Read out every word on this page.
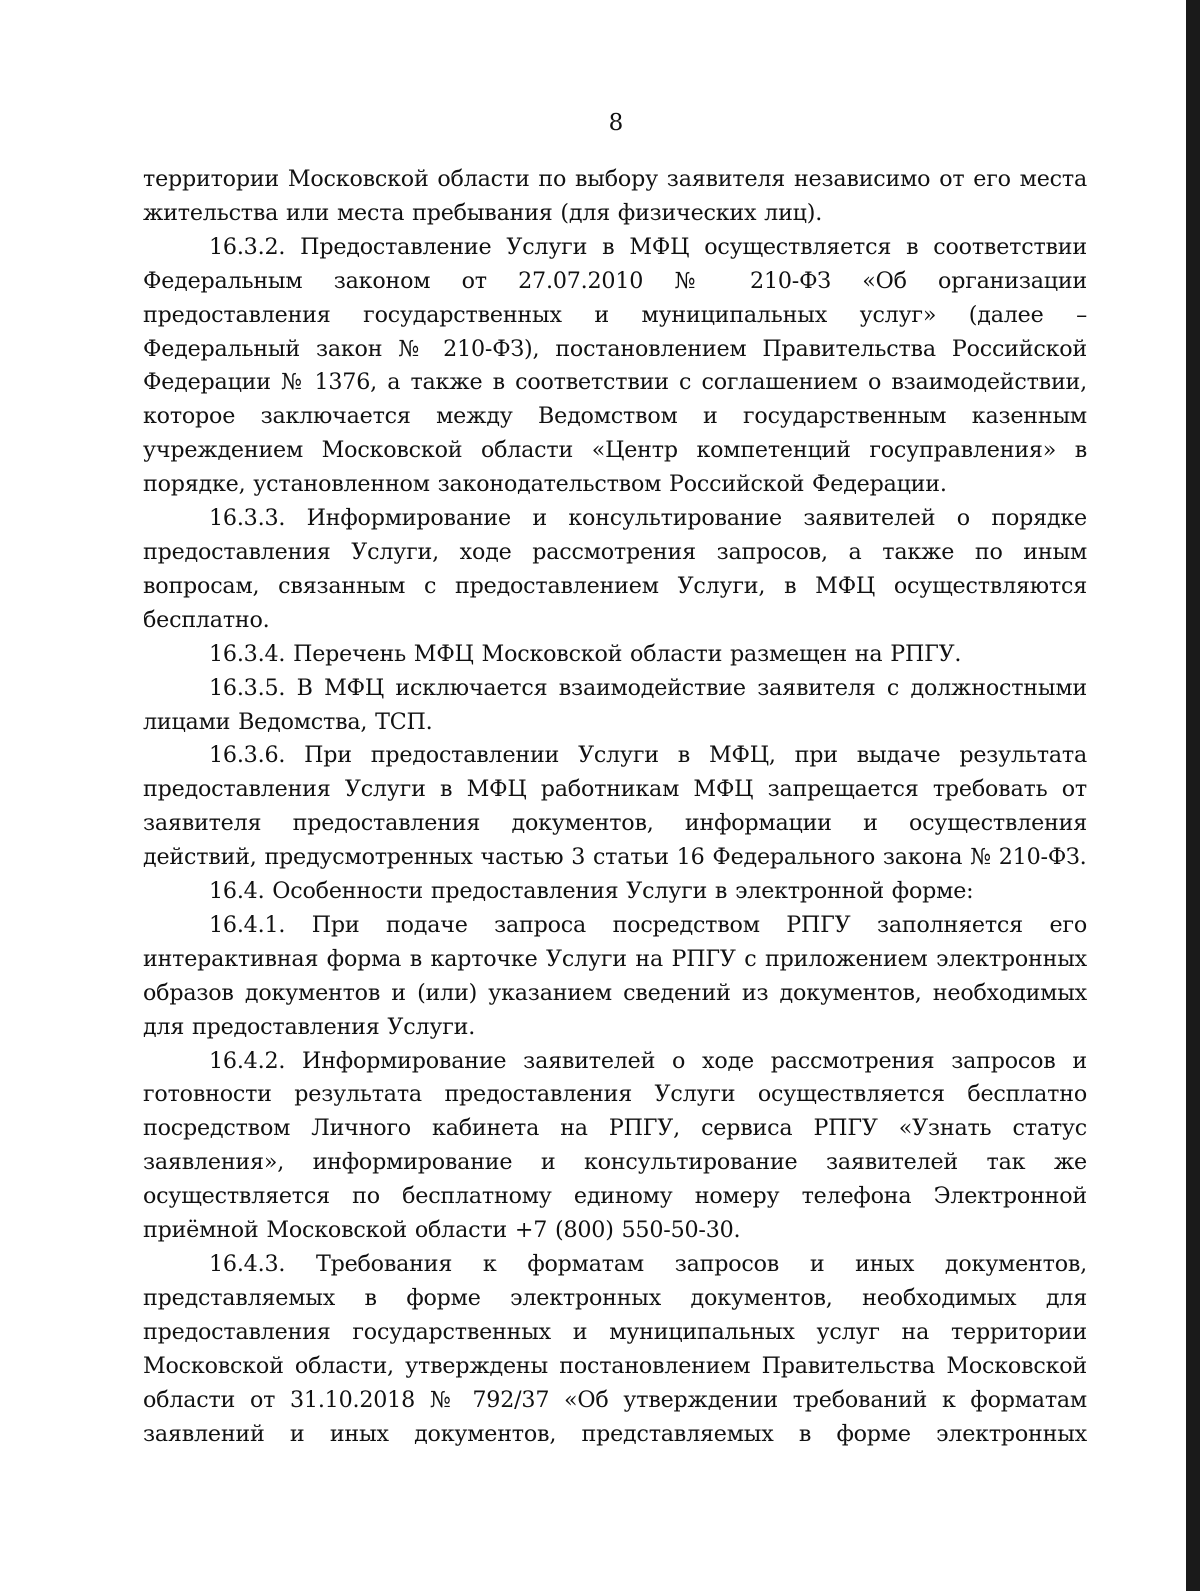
8

территории Московской области по выбору заявителя независимо от его места жительства или места пребывания (для физических лиц).

16.3.2. Предоставление Услуги в МФЦ осуществляется в соответствии Федеральным законом от 27.07.2010 № 210-ФЗ «Об организации предоставления государственных и муниципальных услуг» (далее – Федеральный закон № 210-ФЗ), постановлением Правительства Российской Федерации № 1376, а также в соответствии с соглашением о взаимодействии, которое заключается между Ведомством и государственным казенным учреждением Московской области «Центр компетенций госуправления» в порядке, установленном законодательством Российской Федерации.

16.3.3. Информирование и консультирование заявителей о порядке предоставления Услуги, ходе рассмотрения запросов, а также по иным вопросам, связанным с предоставлением Услуги, в МФЦ осуществляются бесплатно.

16.3.4. Перечень МФЦ Московской области размещен на РПГУ.

16.3.5. В МФЦ исключается взаимодействие заявителя с должностными лицами Ведомства, ТСП.

16.3.6. При предоставлении Услуги в МФЦ, при выдаче результата предоставления Услуги в МФЦ работникам МФЦ запрещается требовать от заявителя предоставления документов, информации и осуществления действий, предусмотренных частью 3 статьи 16 Федерального закона № 210-ФЗ.

16.4. Особенности предоставления Услуги в электронной форме:

16.4.1. При подаче запроса посредством РПГУ заполняется его интерактивная форма в карточке Услуги на РПГУ с приложением электронных образов документов и (или) указанием сведений из документов, необходимых для предоставления Услуги.

16.4.2. Информирование заявителей о ходе рассмотрения запросов и готовности результата предоставления Услуги осуществляется бесплатно посредством Личного кабинета на РПГУ, сервиса РПГУ «Узнать статус заявления», информирование и консультирование заявителей так же осуществляется по бесплатному единому номеру телефона Электронной приёмной Московской области +7 (800) 550-50-30.

16.4.3. Требования к форматам запросов и иных документов, представляемых в форме электронных документов, необходимых для предоставления государственных и муниципальных услуг на территории Московской области, утверждены постановлением Правительства Московской области от 31.10.2018 № 792/37 «Об утверждении требований к форматам заявлений и иных документов, представляемых в форме электронных
